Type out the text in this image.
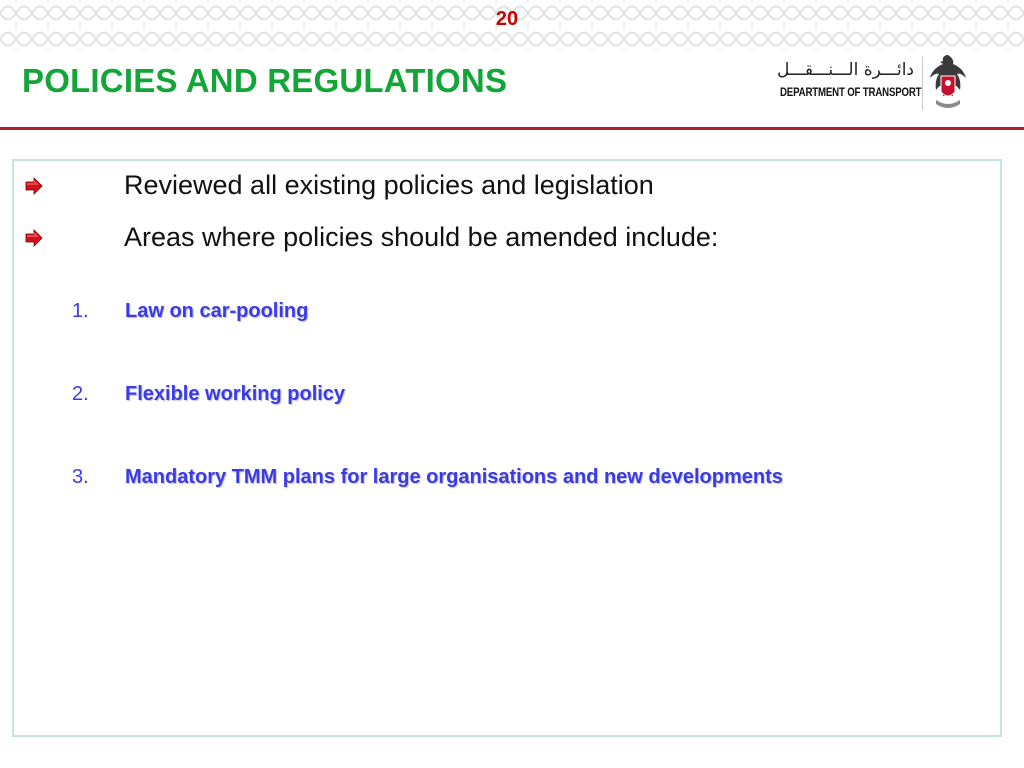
20
POLICIES AND REGULATIONS	دائـــرة الـــنـــقـــل
DEPARTMENT OF TRANSPORT
Reviewed all existing policies and legislation
Areas where policies should be amended include:
1. Law on car-pooling
2. Flexible working policy
3. Mandatory TMM plans for large organisations and new developments
